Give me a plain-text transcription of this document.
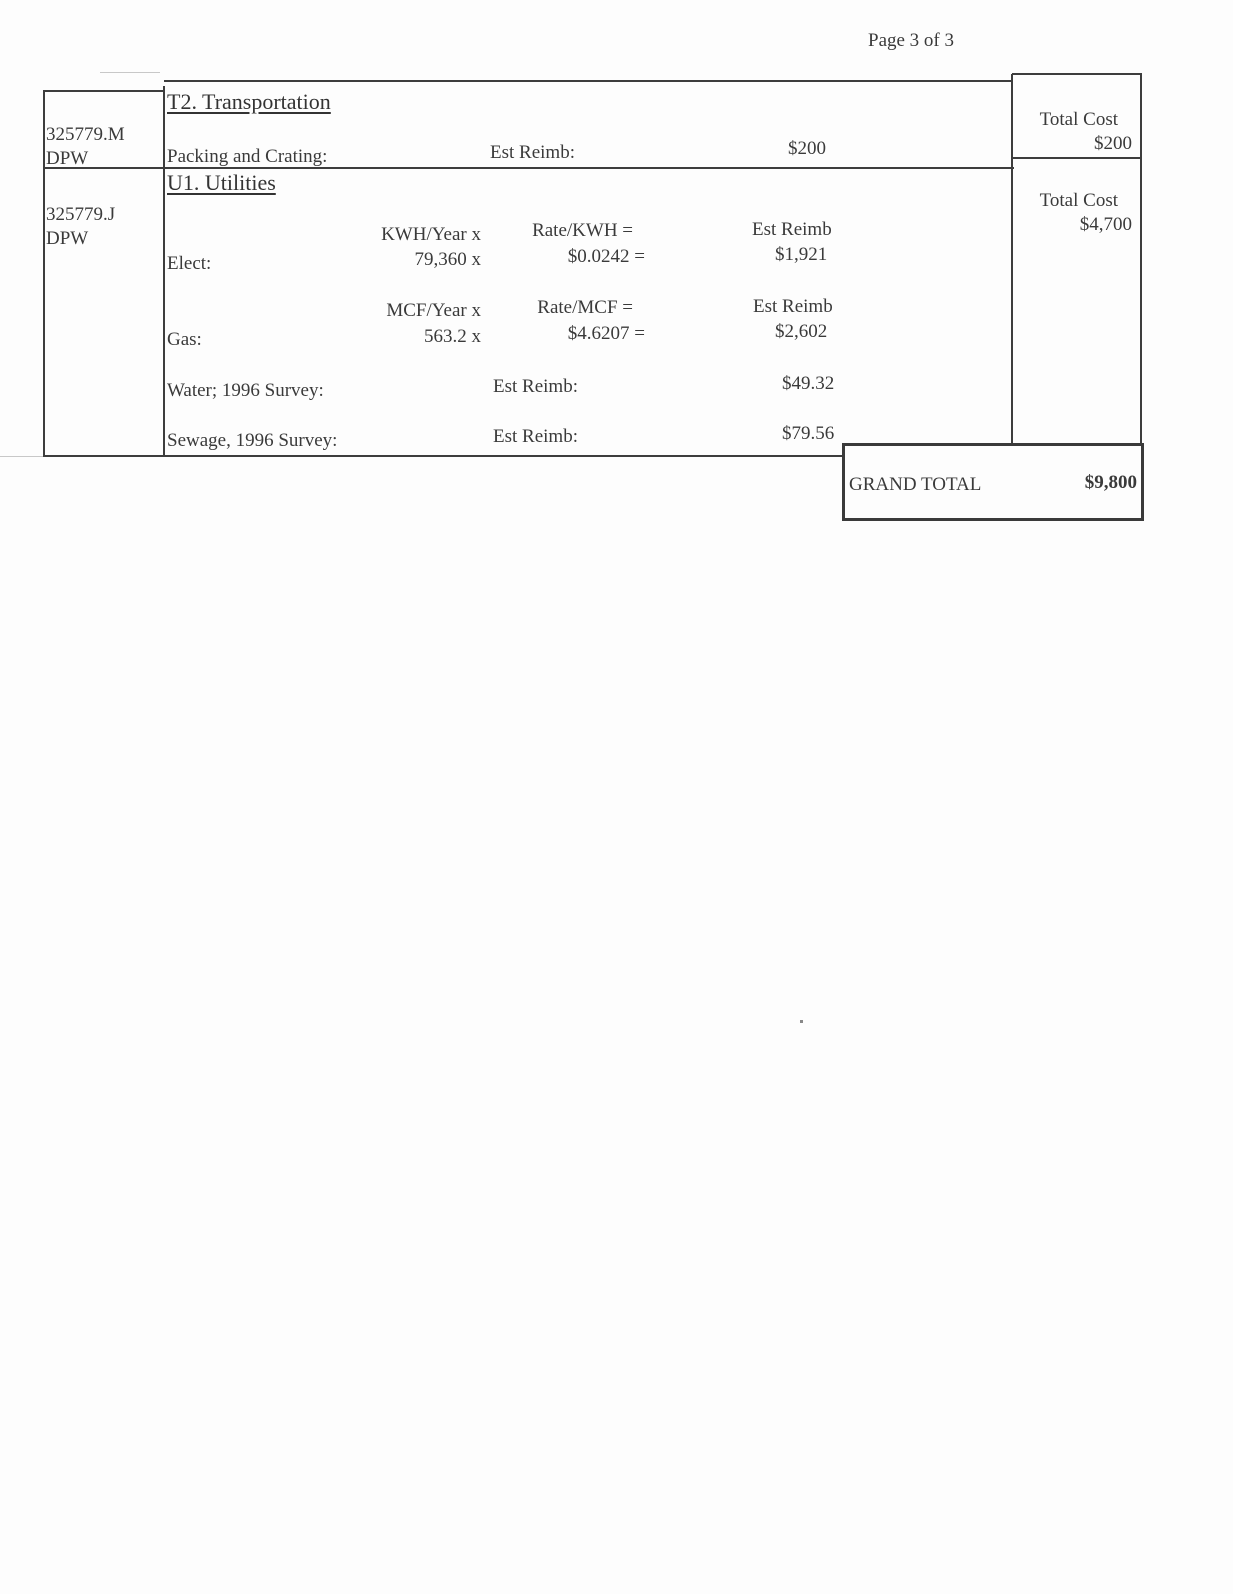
Page 3 of 3
325779.M
DPW
T2. Transportation
Packing and Crating:	Est Reimb:	$200
Total Cost
$200
325779.J
DPW
U1. Utilities
KWH/Year x	Rate/KWH =	Est Reimb
Elect:	79,360 x	$0.0242 =	$1,921
MCF/Year x	Rate/MCF =	Est Reimb
Gas:	563.2 x	$4.6207 =	$2,602
Water; 1996 Survey:	Est Reimb:	$49.32
Sewage, 1996 Survey:	Est Reimb:	$79.56
Total Cost
$4,700
GRAND TOTAL	$9,800
